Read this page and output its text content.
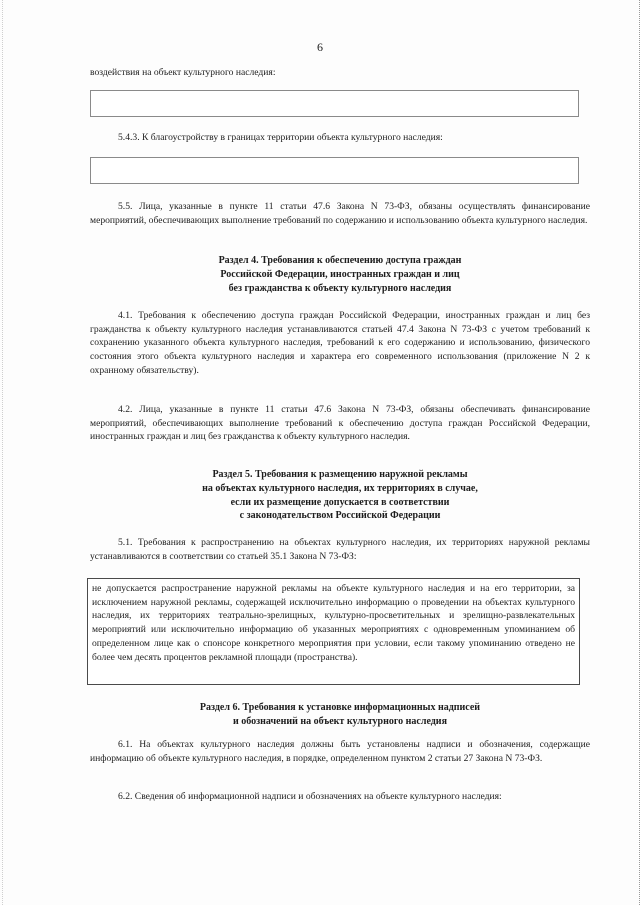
6
воздействия на объект культурного наследия:
5.4.3. К благоустройству в границах территории объекта культурного наследия:
5.5. Лица, указанные в пункте 11 статьи 47.6 Закона N 73-ФЗ, обязаны осуществлять финансирование мероприятий, обеспечивающих выполнение требований по содержанию и использованию объекта культурного наследия.
Раздел 4. Требования к обеспечению доступа граждан
Российской Федерации, иностранных граждан и лиц
без гражданства к объекту культурного наследия
4.1. Требования к обеспечению доступа граждан Российской Федерации, иностранных граждан и лиц без гражданства к объекту культурного наследия устанавливаются статьей 47.4 Закона N 73-ФЗ с учетом требований к сохранению указанного объекта культурного наследия, требований к его содержанию и использованию, физического состояния этого объекта культурного наследия и характера его современного использования (приложение N 2 к охранному обязательству).
4.2. Лица, указанные в пункте 11 статьи 47.6 Закона N 73-ФЗ, обязаны обеспечивать финансирование мероприятий, обеспечивающих выполнение требований к обеспечению доступа граждан Российской Федерации, иностранных граждан и лиц без гражданства к объекту культурного наследия.
Раздел 5. Требования к размещению наружной рекламы
на объектах культурного наследия, их территориях в случае,
если их размещение допускается в соответствии
с законодательством Российской Федерации
5.1. Требования к распространению на объектах культурного наследия, их территориях наружной рекламы устанавливаются в соответствии со статьей 35.1 Закона N 73-ФЗ:
не допускается распространение наружной рекламы на объекте культурного наследия и на его территории, за исключением наружной рекламы, содержащей исключительно информацию о проведении на объектах культурного наследия, их территориях театрально-зрелищных, культурно-просветительных и зрелищно-развлекательных мероприятий или исключительно информацию об указанных мероприятиях с одновременным упоминанием об определенном лице как о спонсоре конкретного мероприятия при условии, если такому упоминанию отведено не более чем десять процентов рекламной площади (пространства).
Раздел 6. Требования к установке информационных надписей
и обозначений на объект культурного наследия
6.1. На объектах культурного наследия должны быть установлены надписи и обозначения, содержащие информацию об объекте культурного наследия, в порядке, определенном пунктом 2 статьи 27 Закона N 73-ФЗ.
6.2. Сведения об информационной надписи и обозначениях на объекте культурного наследия:
